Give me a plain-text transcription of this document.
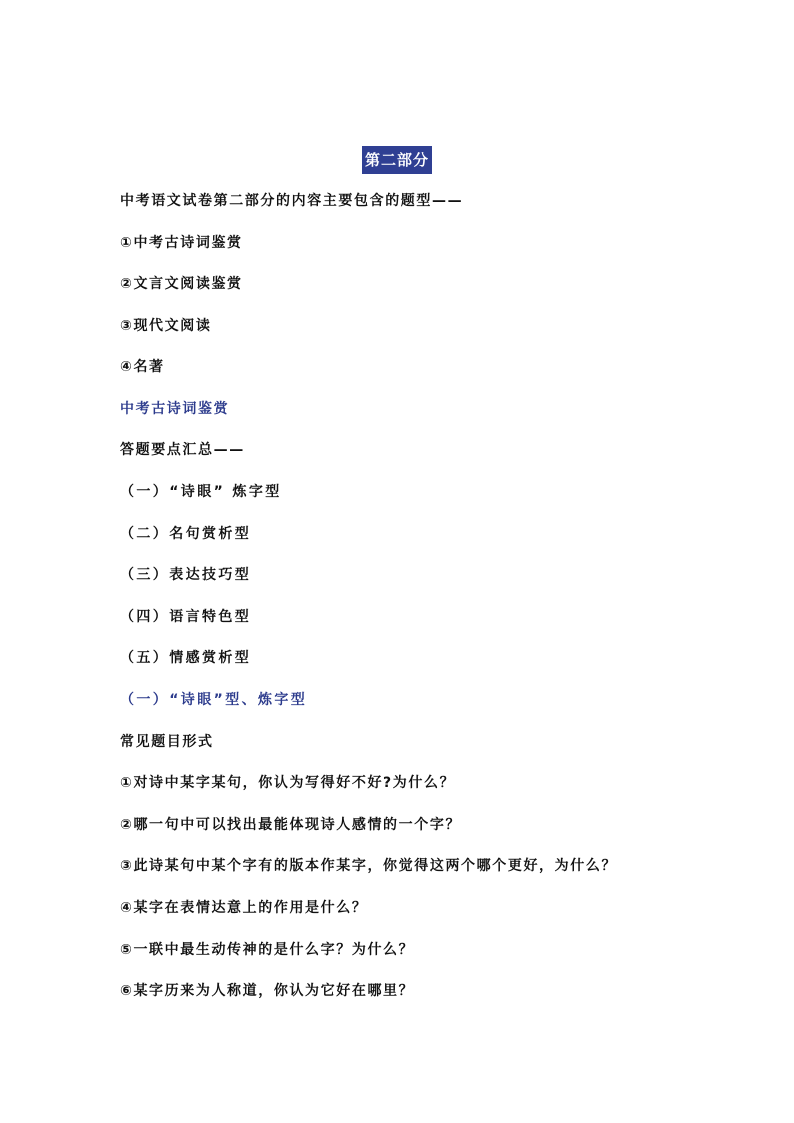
第二部分
中考语文试卷第二部分的内容主要包含的题型——
①中考古诗词鉴赏
②文言文阅读鉴赏
③现代文阅读
④名著
中考古诗词鉴赏
答题要点汇总——
（一）“诗眼” 炼字型
（二）名句赏析型
（三）表达技巧型
（四）语言特色型
（五）情感赏析型
（一）“诗眼”型、炼字型
常见题目形式
①对诗中某字某句，你认为写得好不好?为什么？
②哪一句中可以找出最能体现诗人感情的一个字？
③此诗某句中某个字有的版本作某字，你觉得这两个哪个更好，为什么？
④某字在表情达意上的作用是什么？
⑤一联中最生动传神的是什么字？为什么？
⑥某字历来为人称道，你认为它好在哪里？
